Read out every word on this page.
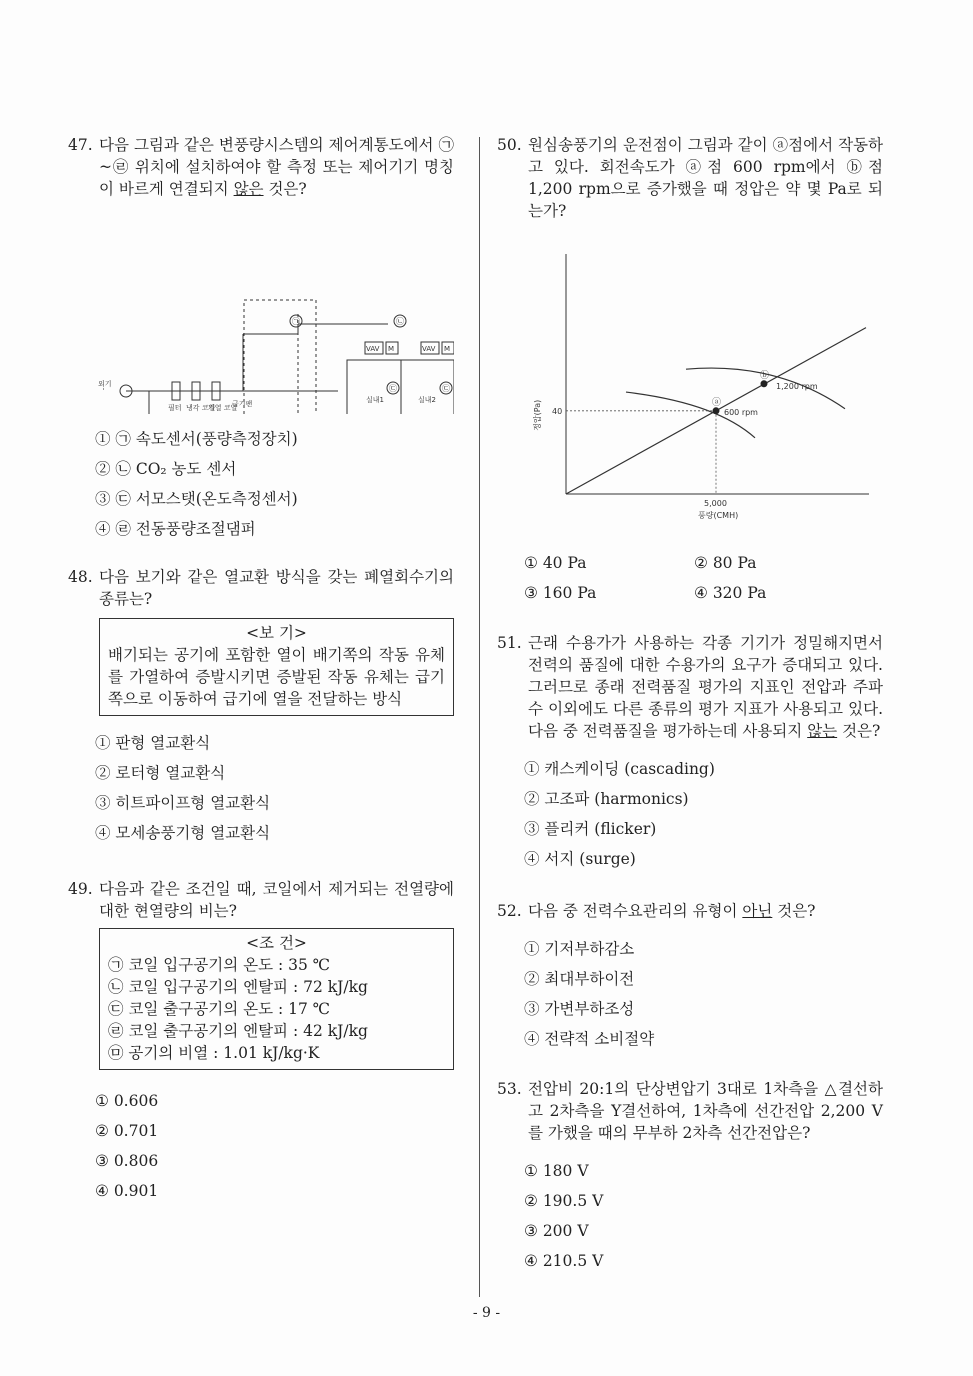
47. 다음 그림과 같은 변풍량시스템의 제어계통도에서 ㉠~㉣ 위치에 설치하여야 할 측정 또는 제어기기 명칭이 바르게 연결되지 않은 것은?
외기
필터 냉각 코일
가열 코일
급기팬	실내1	실내2
VAV M	VAV M
㉠	㉡
㉢	㉢
① ㉠ 속도센서(풍량측정장치)
② ㉡ CO₂ 농도 센서
③ ㉢ 서모스탯(온도측정센서)
④ ㉣ 전동풍량조절댐퍼
48. 다음 보기와 같은 열교환 방식을 갖는 폐열회수기의 종류는?
<보 기>
배기되는 공기에 포함한 열이 배기쪽의 작동 유체를 가열하여 증발시키면 증발된 작동 유체는 급기 쪽으로 이동하여 급기에 열을 전달하는 방식
① 판형 열교환식
② 로터형 열교환식
③ 히트파이프형 열교환식
④ 모세송풍기형 열교환식
49. 다음과 같은 조건일 때, 코일에서 제거되는 전열량에 대한 현열량의 비는?
<조 건>
㉠ 코일 입구공기의 온도 : 35 ℃
㉡ 코일 입구공기의 엔탈피 : 72 kJ/kg
㉢ 코일 출구공기의 온도 : 17 ℃
㉣ 코일 출구공기의 엔탈피 : 42 kJ/kg
㉤ 공기의 비열 : 1.01 kJ/kg·K
① 0.606
② 0.701
③ 0.806
④ 0.901
50. 원심송풍기의 운전점이 그림과 같이 ⓐ점에서 작동하고 있다. 회전속도가 ⓐ점 600 rpm에서 ⓑ점 1,200 rpm으로 증가했을 때 정압은 약 몇 Pa로 되는가?
ⓐ
ⓑ
600 rpm
1,200 rpm
40
5,000
풍량(CMH)
정압(Pa)
① 40 Pa	② 80 Pa
③ 160 Pa	④ 320 Pa
51. 근래 수용가가 사용하는 각종 기기가 정밀해지면서 전력의 품질에 대한 수용가의 요구가 증대되고 있다. 그러므로 종래 전력품질 평가의 지표인 전압과 주파수 이외에도 다른 종류의 평가 지표가 사용되고 있다. 다음 중 전력품질을 평가하는데 사용되지 않는 것은?
① 캐스케이딩 (cascading)
② 고조파 (harmonics)
③ 플리커 (flicker)
④ 서지 (surge)
52. 다음 중 전력수요관리의 유형이 아닌 것은?
① 기저부하감소
② 최대부하이전
③ 가변부하조성
④ 전략적 소비절약
53. 전압비 20:1의 단상변압기 3대로 1차측을 △결선하고 2차측을 Y결선하여, 1차측에 선간전압 2,200 V를 가했을 때의 무부하 2차측 선간전압은?
① 180 V
② 190.5 V
③ 200 V
④ 210.5 V
- 9 -
